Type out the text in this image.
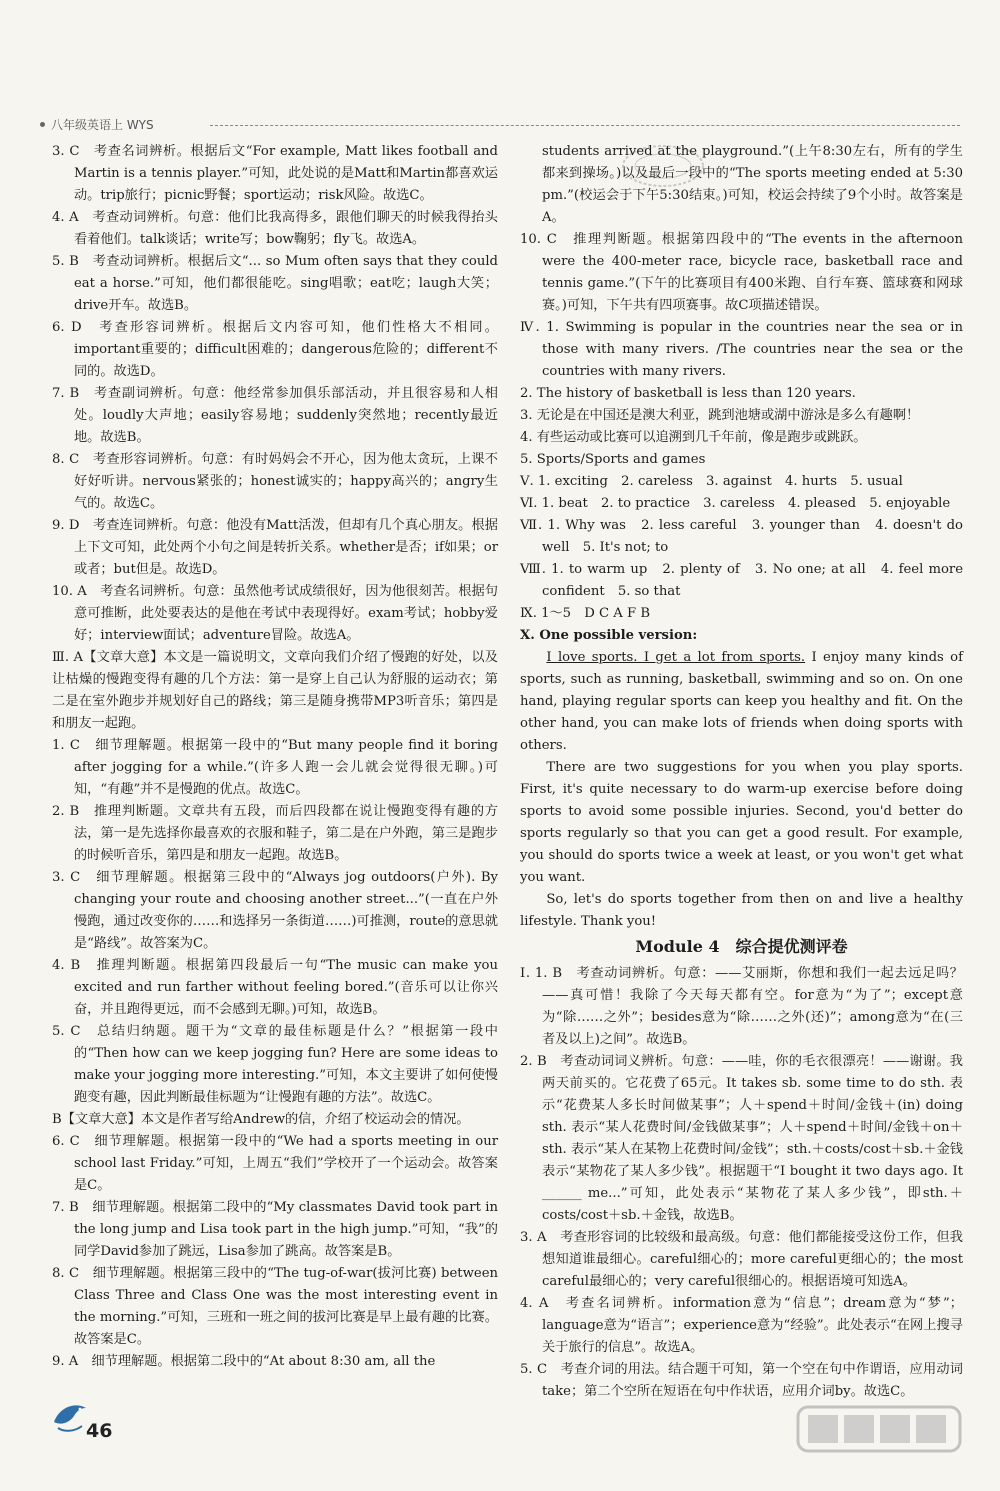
八年级英语上 WYS

3. C　考查名词辨析。根据后文“For example, Matt likes football and Martin is a tennis player.”可知，此处说的是Matt和Martin都喜欢运动。trip旅行；picnic野餐；sport运动；risk风险。故选C。

4. A　考查动词辨析。句意：他们比我高得多，跟他们聊天的时候我得抬头看着他们。talk谈话；write写；bow鞠躬；fly飞。故选A。

5. B　考查动词辨析。根据后文“... so Mum often says that they could eat a horse.”可知，他们都很能吃。sing唱歌；eat吃；laugh大笑；drive开车。故选B。

6. D　考查形容词辨析。根据后文内容可知，他们性格大不相同。important重要的；difficult困难的；dangerous危险的；different不同的。故选D。

7. B　考查副词辨析。句意：他经常参加俱乐部活动，并且很容易和人相处。loudly大声地；easily容易地；suddenly突然地；recently最近地。故选B。

8. C　考查形容词辨析。句意：有时妈妈会不开心，因为他太贪玩，上课不好好听讲。nervous紧张的；honest诚实的；happy高兴的；angry生气的。故选C。

9. D　考查连词辨析。句意：他没有Matt活泼，但却有几个真心朋友。根据上下文可知，此处两个小句之间是转折关系。whether是否；if如果；or或者；but但是。故选D。

10. A　考查名词辨析。句意：虽然他考试成绩很好，因为他很刻苦。根据句意可推断，此处要表达的是他在考试中表现得好。exam考试；hobby爱好；interview面试；adventure冒险。故选A。

Ⅲ. A【文章大意】本文是一篇说明文，文章向我们介绍了慢跑的好处，以及让枯燥的慢跑变得有趣的几个方法：第一是穿上自己认为舒服的运动衣；第二是在室外跑步并规划好自己的路线；第三是随身携带MP3听音乐；第四是和朋友一起跑。

1. C　细节理解题。根据第一段中的“But many people find it boring after jogging for a while.”(许多人跑一会儿就会觉得很无聊。)可知，“有趣”并不是慢跑的优点。故选C。

2. B　推理判断题。文章共有五段，而后四段都在说让慢跑变得有趣的方法，第一是先选择你最喜欢的衣服和鞋子，第二是在户外跑，第三是跑步的时候听音乐，第四是和朋友一起跑。故选B。

3. C　细节理解题。根据第三段中的“Always jog outdoors(户外). By changing your route and choosing another street...”(一直在户外慢跑，通过改变你的……和选择另一条街道……)可推测，route的意思就是“路线”。故答案为C。

4. B　推理判断题。根据第四段最后一句“The music can make you excited and run farther without feeling bored.”(音乐可以让你兴奋，并且跑得更远，而不会感到无聊。)可知，故选B。

5. C　总结归纳题。题干为“文章的最佳标题是什么？”根据第一段中的“Then how can we keep jogging fun? Here are some ideas to make your jogging more interesting.”可知，本文主要讲了如何使慢跑变有趣，因此判断最佳标题为“让慢跑有趣的方法”。故选C。

B【文章大意】本文是作者写给Andrew的信，介绍了校运动会的情况。

6. C　细节理解题。根据第一段中的“We had a sports meeting in our school last Friday.”可知，上周五“我们”学校开了一个运动会。故答案是C。

7. B　细节理解题。根据第二段中的“My classmates David took part in the long jump and Lisa took part in the high jump.”可知，“我”的同学David参加了跳远，Lisa参加了跳高。故答案是B。

8. C　细节理解题。根据第三段中的“The tug-of-war(拔河比赛) between Class Three and Class One was the most interesting event in the morning.”可知，三班和一班之间的拔河比赛是早上最有趣的比赛。故答案是C。

9. A　细节理解题。根据第二段中的“At about 8:30 am, all the

students arrived at the playground.”(上午8:30左右，所有的学生都来到操场。)以及最后一段中的“The sports meeting ended at 5:30 pm.”(校运会于下午5:30结束。)可知，校运会持续了9个小时。故答案是A。

10. C　推理判断题。根据第四段中的“The events in the afternoon were the 400-meter race, bicycle race, basketball race and tennis game.”(下午的比赛项目有400米跑、自行车赛、篮球赛和网球赛。)可知，下午共有四项赛事。故C项描述错误。

Ⅳ. 1. Swimming is popular in the countries near the sea or in those with many rivers. /The countries near the sea or the countries with many rivers.

2. The history of basketball is less than 120 years.

3. 无论是在中国还是澳大利亚，跳到池塘或湖中游泳是多么有趣啊！

4. 有些运动或比赛可以追溯到几千年前，像是跑步或跳跃。

5. Sports/Sports and games

Ⅴ. 1. exciting　2. careless　3. against　4. hurts　5. usual

Ⅵ. 1. beat　2. to practice　3. careless　4. pleased　5. enjoyable

Ⅶ. 1. Why was　2. less careful　3. younger than　4. doesn't do well　5. It's not; to

Ⅷ. 1. to warm up　2. plenty of　3. No one; at all　4. feel more confident　5. so that

Ⅸ. 1～5　D C A F B

Ⅹ. One possible version:

I love sports. I get a lot from sports. I enjoy many kinds of sports, such as running, basketball, swimming and so on. On one hand, playing regular sports can keep you healthy and fit. On the other hand, you can make lots of friends when doing sports with others.

There are two suggestions for you when you play sports. First, it's quite necessary to do warm-up exercise before doing sports to avoid some possible injuries. Second, you'd better do sports regularly so that you can get a good result. For example, you should do sports twice a week at least, or you won't get what you want.

So, let's do sports together from then on and live a healthy lifestyle. Thank you!

Module 4　综合提优测评卷

Ⅰ. 1. B　考查动词辨析。句意：——艾丽斯，你想和我们一起去远足吗？——真可惜！我除了今天每天都有空。for意为“为了”；except意为“除……之外”；besides意为“除……之外(还)”；among意为“在(三者及以上)之间”。故选B。

2. B　考查动词词义辨析。句意：——哇，你的毛衣很漂亮！——谢谢。我两天前买的。它花费了65元。It takes sb. some time to do sth. 表示“花费某人多长时间做某事”；人＋spend＋时间/金钱＋(in) doing sth. 表示“某人花费时间/金钱做某事”；人＋spend＋时间/金钱＋on＋sth. 表示“某人在某物上花费时间/金钱”；sth.＋costs/cost＋sb.＋金钱表示“某物花了某人多少钱”。根据题干“I bought it two days ago. It ______ me...”可知，此处表示“某物花了某人多少钱”，即sth.＋costs/cost＋sb.＋金钱，故选B。

3. A　考查形容词的比较级和最高级。句意：他们都能接受这份工作，但我想知道谁最细心。careful细心的；more careful更细心的；the most careful最细心的；very careful很细心的。根据语境可知选A。

4. A　考查名词辨析。information意为“信息”；dream意为“梦”；language意为“语言”；experience意为“经验”。此处表示“在网上搜寻关于旅行的信息”。故选A。

5. C　考查介词的用法。结合题干可知，第一个空在句中作谓语，应用动词take；第二个空所在短语在句中作状语，应用介词by。故选C。

46
